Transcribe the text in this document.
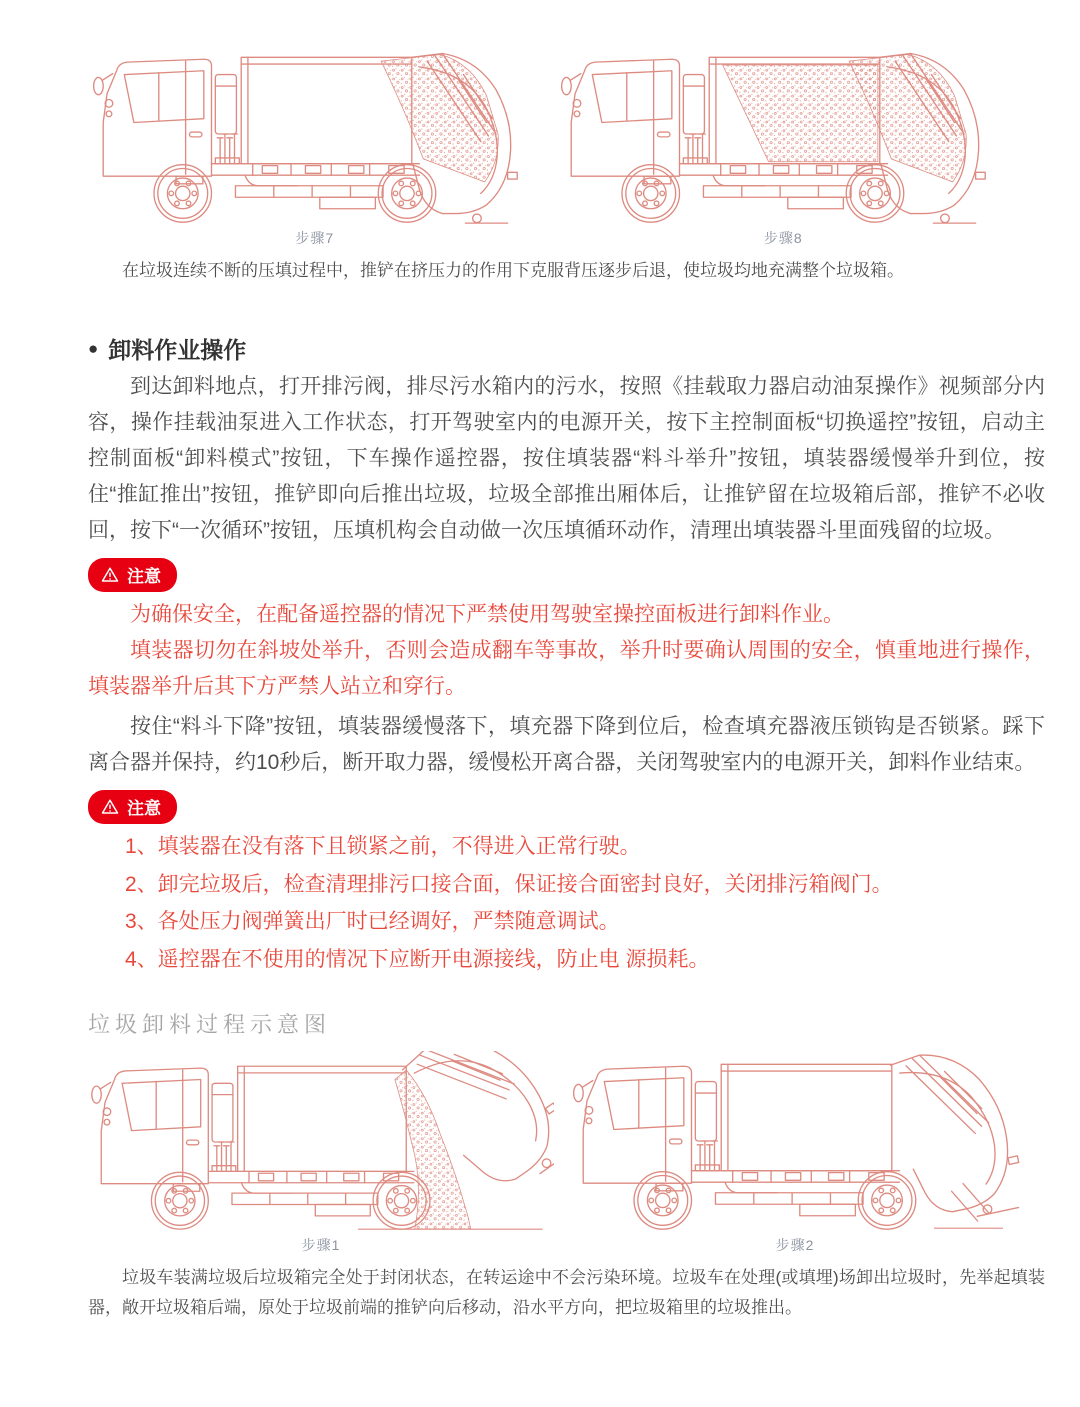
步骤7	步骤8

在垃圾连续不断的压填过程中，推铲在挤压力的作用下克服背压逐步后退，使垃圾均地充满整个垃圾箱。

● 卸料作业操作

到达卸料地点，打开排污阀，排尽污水箱内的污水，按照《挂载取力器启动油泵操作》视频部分内容，操作挂载油泵进入工作状态，打开驾驶室内的电源开关，按下主控制面板“切换遥控”按钮，启动主控制面板“卸料模式”按钮，下车操作遥控器，按住填装器“料斗举升”按钮，填装器缓慢举升到位，按住“推缸推出”按钮，推铲即向后推出垃圾，垃圾全部推出厢体后，让推铲留在垃圾箱后部，推铲不必收回，按下“一次循环”按钮，压填机构会自动做一次压填循环动作，清理出填装器斗里面残留的垃圾。

注意

为确保安全，在配备遥控器的情况下严禁使用驾驶室操控面板进行卸料作业。

填装器切勿在斜坡处举升，否则会造成翻车等事故，举升时要确认周围的安全，慎重地进行操作，填装器举升后其下方严禁人站立和穿行。

按住“料斗下降”按钮，填装器缓慢落下，填充器下降到位后，检查填充器液压锁钩是否锁紧。踩下离合器并保持，约10秒后，断开取力器，缓慢松开离合器，关闭驾驶室内的电源开关，卸料作业结束。

注意

1、填装器在没有落下且锁紧之前，不得进入正常行驶。

2、卸完垃圾后，检查清理排污口接合面，保证接合面密封良好，关闭排污箱阀门。

3、各处压力阀弹簧出厂时已经调好，严禁随意调试。

4、遥控器在不使用的情况下应断开电源接线，防止电 源损耗。

垃圾卸料过程示意图
步骤1	步骤2

垃圾车装满垃圾后垃圾箱完全处于封闭状态，在转运途中不会污染环境。垃圾车在处理(或填埋)场卸出垃圾时，先举起填装器，敞开垃圾箱后端，原处于垃圾前端的推铲向后移动，沿水平方向，把垃圾箱里的垃圾推出。
